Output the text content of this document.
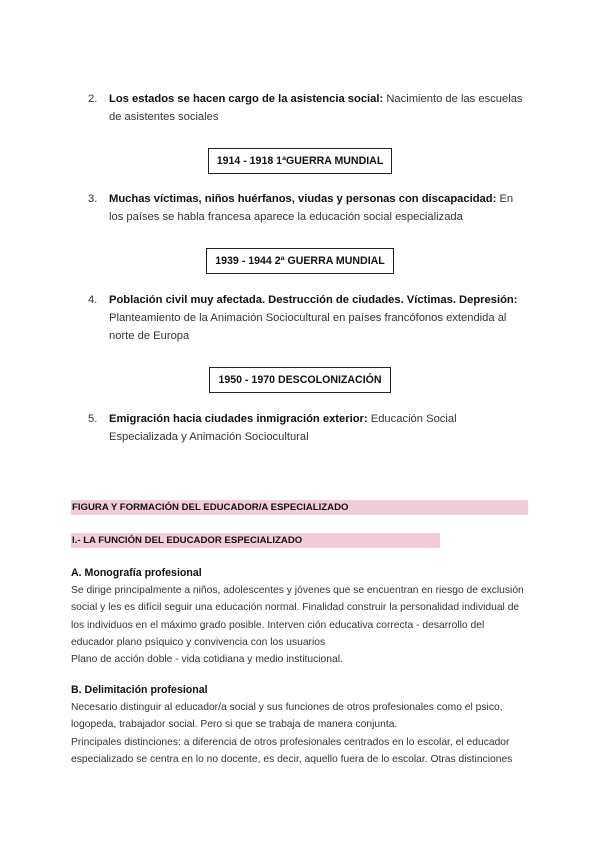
2.	Los estados se hacen cargo de la asistencia social: Nacimiento de las escuelas de asistentes sociales
1914 - 1918 1ªGUERRA MUNDIAL
3.	Muchas víctimas, niños huérfanos, viudas y personas con discapacidad: En los países se habla francesa aparece la educación social especializada
1939 - 1944 2ª GUERRA MUNDIAL
4.	Población civil muy afectada. Destrucción de ciudades. Víctimas. Depresión: Planteamiento de la Animación Sociocultural en países francófonos extendida al norte de Europa
1950 - 1970 DESCOLONIZACIÓN
5.	Emigración hacia ciudades inmigración exterior: Educación Social Especializada y Animación Sociocultural
FIGURA Y FORMACIÓN DEL EDUCADOR/A ESPECIALIZADO
I.- LA FUNCIÓN DEL EDUCADOR ESPECIALIZADO
A. Monografía profesional
Se dirige principalmente a niños, adolescentes y jóvenes que se encuentran en riesgo de exclusión
social y les es difícil seguir una educación normal. Finalidad construir la personalidad individual de
los individuos en el máximo grado posible. Interven ción educativa correcta - desarrollo del
educador plano psíquico y convivencia con los usuarios
Plano de acción doble - vida cotidiana y medio institucional.
B. Delimitación profesional
Necesario distinguir al educador/a social y sus funciones de otros profesionales como el psico,
logopeda, trabajador social. Pero si que se trabaja de manera conjunta.
Principales distinciones: a diferencia de otros profesionales centrados en lo escolar, el educador
especializado se centra en lo no docente, es decir, aquello fuera de lo escolar. Otras distinciones
